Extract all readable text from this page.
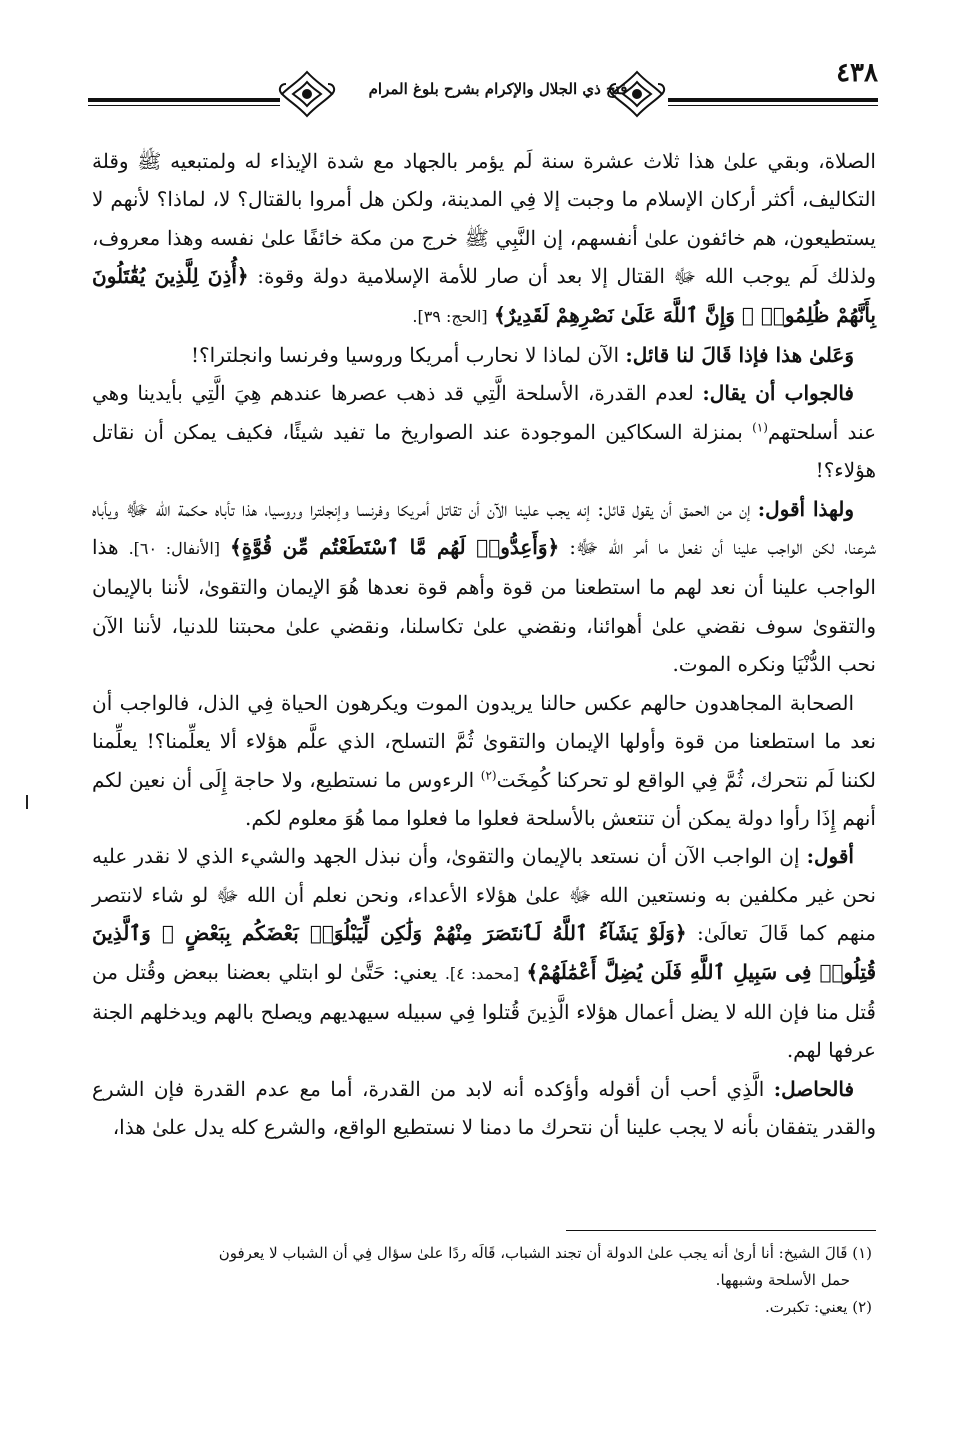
٤٣٨
فتح ذي الجلال والإكرام بشرح بلوغ المرام

الصلاة، وبقي علىٰ هذا ثلاث عشرة سنة لَم يؤمر بالجهاد مع شدة الإيذاء له ولمتبعيه ﷺ وقلة التكاليف، أكثر أركان الإسلام ما وجبت إلا فِي المدينة، ولكن هل أمروا بالقتال؟ لا، لماذا؟ لأنهم لا يستطيعون، هم خائفون علىٰ أنفسهم، إن النَّبِي ﷺ خرج من مكة خائفًا علىٰ نفسه وهذا معروف، ولذلك لَم يوجب الله ﷻ القتال إلا بعد أن صار للأمة الإسلامية دولة وقوة: ﴿أُذِنَ لِلَّذِينَ يُقَٰتَلُونَ بِأَنَّهُمْ ظُلِمُوا۟ ۚ وَإِنَّ ٱللَّهَ عَلَىٰ نَصْرِهِمْ لَقَدِيرٌ﴾ [الحج: ٣٩].

وَعَلىٰ هذا فإذا قَالَ لنا قائل: الآن لماذا لا نحارب أمريكا وروسيا وفرنسا وانجلترا؟!

فالجواب أن يقال: لعدم القدرة، الأسلحة الَّتِي قد ذهب عصرها عندهم هِيَ الَّتِي بأيدينا وهي عند أسلحتهم$^{(١)}$ بمنزلة السكاكين الموجودة عند الصواريخ ما تفيد شيئًا، فكيف يمكن أن نقاتل هؤلاء؟!

ولهذا أقول: إن من الحمق أن يقول قائل: إنه يجب علينا الآن أن تقاتل أمريكا وفرنسا وإنجلترا وروسيا، هذا تأباه حكمة الله ﷻ ويأباه شرعنا، لكن الواجب علينا أن نفعل ما أمر الله ﷻ: ﴿وَأَعِدُّوا۟ لَهُم مَّا ٱسْتَطَعْتُم مِّن قُوَّةٍ﴾ [الأنفال: ٦٠]. هذا الواجب علينا أن نعد لهم ما استطعنا من قوة وأهم قوة نعدها هُوَ الإيمان والتقوىٰ، لأننا بالإيمان والتقوىٰ سوف نقضي علىٰ أهوائنا، ونقضي علىٰ تكاسلنا، ونقضي علىٰ محبتنا للدنيا، لأننا الآن نحب الدُّنْيَا ونكره الموت.

الصحابة المجاهدون حالهم عكس حالنا يريدون الموت ويكرهون الحياة فِي الذل، فالواجب أن نعد ما استطعنا من قوة وأولها الإيمان والتقوىٰ ثُمَّ التسلح، الذي علَّم هؤلاء ألا يعلِّمنا؟! يعلِّمنا لكننا لَم نتحرك، ثُمَّ فِي الواقع لو تحركنا كُمِخَت$^{(٢)}$ الرءوس ما نستطيع، ولا حاجة إِلَى أن نعين لكم أنهم إِذَا رأوا دولة يمكن أن تنتعش بالأسلحة فعلوا ما فعلوا مما هُوَ معلوم لكم.

أقول: إن الواجب الآن أن نستعد بالإيمان والتقوىٰ، وأن نبذل الجهد والشيء الذي لا نقدر عليه نحن غير مكلفين به ونستعين الله ﷻ علىٰ هؤلاء الأعداء، ونحن نعلم أن الله ﷻ لو شاء لانتصر منهم كما قَالَ تعالَىٰ: ﴿وَلَوْ يَشَآءُ ٱللَّهُ لَٱنتَصَرَ مِنْهُمْ وَلَٰكِن لِّيَبْلُوَا۟ بَعْضَكُم بِبَعْضٍ ۗ وَٱلَّذِينَ قُتِلُوا۟ فِى سَبِيلِ ٱللَّهِ فَلَن يُضِلَّ أَعْمَٰلَهُمْ﴾ [محمد: ٤]. يعني: حَتَّىٰ لو ابتلي بعضنا ببعض وقُتل من قُتل منا فإن الله لا يضل أعمال هؤلاء الَّذِينَ قُتلوا فِي سبيله سيهديهم ويصلح بالهم ويدخلهم الجنة عرفها لهم.

فالحاصل: الَّذِي أحب أن أقوله وأؤكده أنه لابد من القدرة، أما مع عدم القدرة فإن الشرع والقدر يتفقان بأنه لا يجب علينا أن نتحرك ما دمنا لا نستطيع الواقع، والشرع كله يدل علىٰ هذا،

(١) قَالَ الشيخ: أنا أرىٰ أنه يجب علىٰ الدولة أن تجند الشباب، قَالَه ردًا علىٰ سؤال فِي أن الشباب لا يعرفون

حمل الأسلحة وشبهها.

(٢) يعني: تكبرت.
